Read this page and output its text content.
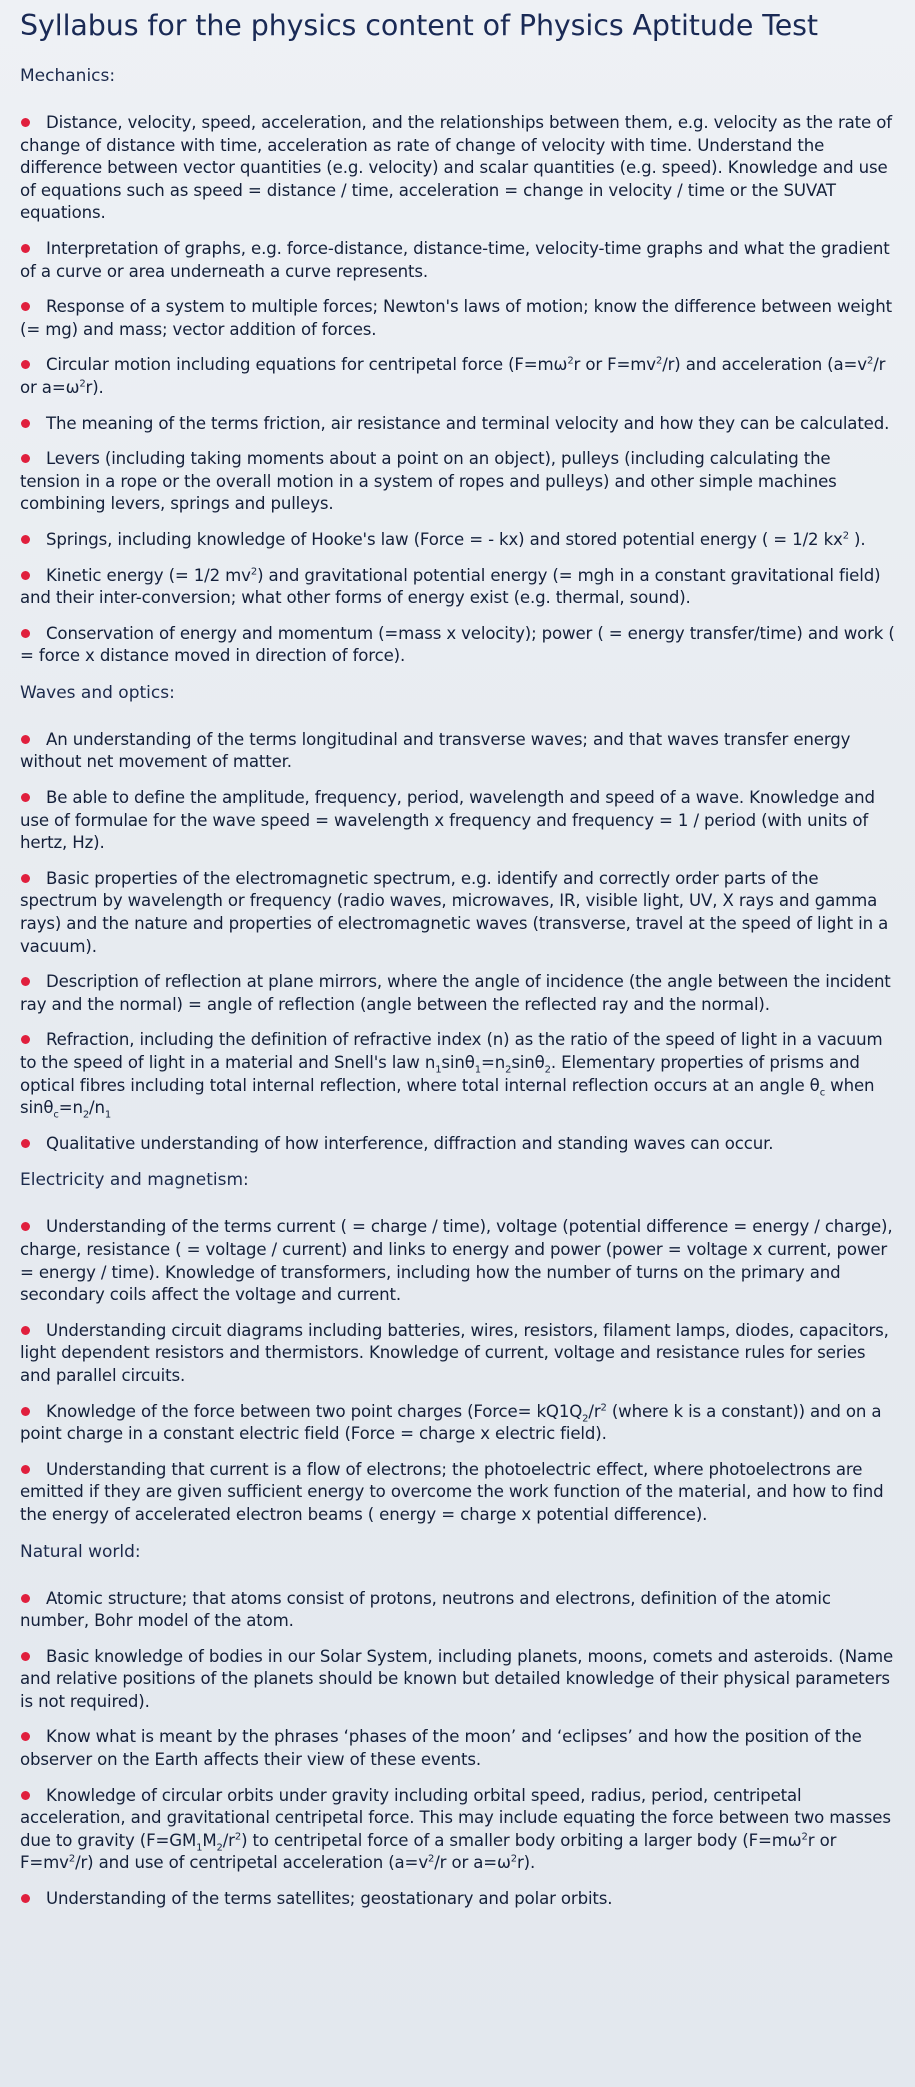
Syllabus for the physics content of Physics Aptitude Test
Mechanics:
Distance, velocity, speed, acceleration, and the relationships between them, e.g. velocity as the rate of change of distance with time, acceleration as rate of change of velocity with time. Understand the difference between vector quantities (e.g. velocity) and scalar quantities (e.g. speed). Knowledge and use of equations such as speed = distance / time, acceleration = change in velocity / time or the SUVAT equations.
Interpretation of graphs, e.g. force-distance, distance-time, velocity-time graphs and what the gradient of a curve or area underneath a curve represents.
Response of a system to multiple forces; Newton's laws of motion; know the difference between weight (= mg) and mass; vector addition of forces.
Circular motion including equations for centripetal force ($F=m\omega^2r$ or $F=mv^2/r$) and acceleration ($a=v^2/r$ or $a=\omega^2r$).
The meaning of the terms friction, air resistance and terminal velocity and how they can be calculated.
Levers (including taking moments about a point on an object), pulleys (including calculating the tension in a rope or the overall motion in a system of ropes and pulleys) and other simple machines combining levers, springs and pulleys.
Springs, including knowledge of Hooke's law (Force = - kx) and stored potential energy ( = 1/2 $kx^2$ ).
Kinetic energy (= 1/2 $mv^2$) and gravitational potential energy (= mgh in a constant gravitational field) and their inter-conversion; what other forms of energy exist (e.g. thermal, sound).
Conservation of energy and momentum (=mass x velocity); power ( = energy transfer/time) and work ( = force x distance moved in direction of force).
Waves and optics:
An understanding of the terms longitudinal and transverse waves; and that waves transfer energy without net movement of matter.
Be able to define the amplitude, frequency, period, wavelength and speed of a wave. Knowledge and use of formulae for the wave speed = wavelength x frequency and frequency = 1 / period (with units of hertz, Hz).
Basic properties of the electromagnetic spectrum, e.g. identify and correctly order parts of the spectrum by wavelength or frequency (radio waves, microwaves, IR, visible light, UV, X rays and gamma rays) and the nature and properties of electromagnetic waves (transverse, travel at the speed of light in a vacuum).
Description of reflection at plane mirrors, where the angle of incidence (the angle between the incident ray and the normal) = angle of reflection (angle between the reflected ray and the normal).
Refraction, including the definition of refractive index (n) as the ratio of the speed of light in a vacuum to the speed of light in a material and Snell's law $n_1\sin\theta_1=n_2\sin\theta_2$. Elementary properties of prisms and optical fibres including total internal reflection, where total internal reflection occurs at an angle $\theta_c$ when $\sin\theta_c=n_2/n_1$
Qualitative understanding of how interference, diffraction and standing waves can occur.
Electricity and magnetism:
Understanding of the terms current ( = charge / time), voltage (potential difference = energy / charge), charge, resistance ( = voltage / current) and links to energy and power (power = voltage x current, power = energy / time). Knowledge of transformers, including how the number of turns on the primary and secondary coils affect the voltage and current.
Understanding circuit diagrams including batteries, wires, resistors, filament lamps, diodes, capacitors, light dependent resistors and thermistors. Knowledge of current, voltage and resistance rules for series and parallel circuits.
Knowledge of the force between two point charges (Force= $kQ1Q_2/r^2$ (where k is a constant)) and on a point charge in a constant electric field (Force = charge x electric field).
Understanding that current is a flow of electrons; the photoelectric effect, where photoelectrons are emitted if they are given sufficient energy to overcome the work function of the material, and how to find the energy of accelerated electron beams ( energy = charge x potential difference).
Natural world:
Atomic structure; that atoms consist of protons, neutrons and electrons, definition of the atomic number, Bohr model of the atom.
Basic knowledge of bodies in our Solar System, including planets, moons, comets and asteroids. (Name and relative positions of the planets should be known but detailed knowledge of their physical parameters is not required).
Know what is meant by the phrases ‘phases of the moon’ and ‘eclipses’ and how the position of the observer on the Earth affects their view of these events.
Knowledge of circular orbits under gravity including orbital speed, radius, period, centripetal acceleration, and gravitational centripetal force. This may include equating the force between two masses due to gravity $(F=GM_1M_2/r^2)$ to centripetal force of a smaller body orbiting a larger body ($F=m\omega^2r$ or $F=mv^2/r$) and use of centripetal acceleration ($a=v^2/r$ or $a=\omega^2r$).
Understanding of the terms satellites; geostationary and polar orbits.
